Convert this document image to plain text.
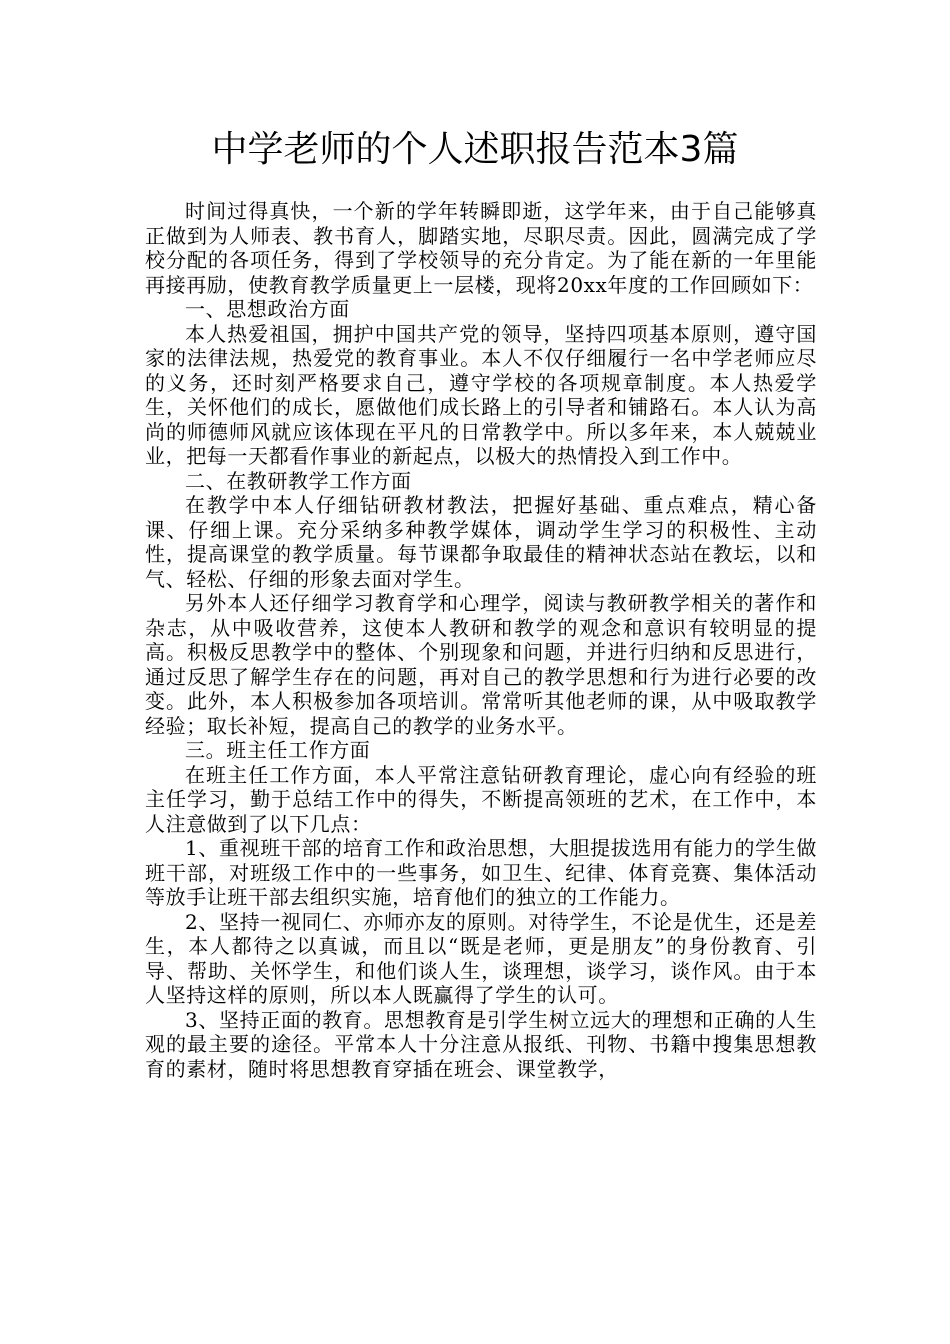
中学老师的个人述职报告范本3篇

时间过得真快，一个新的学年转瞬即逝，这学年来，由于自己能够真正做到为人师表、教书育人，脚踏实地，尽职尽责。因此，圆满完成了学校分配的各项任务，得到了学校领导的充分肯定。为了能在新的一年里能再接再励，使教育教学质量更上一层楼，现将20xx年度的工作回顾如下：

一、思想政治方面

本人热爱祖国，拥护中国共产党的领导，坚持四项基本原则，遵守国家的法律法规，热爱党的教育事业。本人不仅仔细履行一名中学老师应尽的义务，还时刻严格要求自己，遵守学校的各项规章制度。本人热爱学生，关怀他们的成长，愿做他们成长路上的引导者和铺路石。本人认为高尚的师德师风就应该体现在平凡的日常教学中。所以多年来，本人兢兢业业，把每一天都看作事业的新起点，以极大的热情投入到工作中。

二、在教研教学工作方面

在教学中本人仔细钻研教材教法，把握好基础、重点难点，精心备课、仔细上课。充分采纳多种教学媒体，调动学生学习的积极性、主动性，提高课堂的教学质量。每节课都争取最佳的精神状态站在教坛，以和气、轻松、仔细的形象去面对学生。

另外本人还仔细学习教育学和心理学，阅读与教研教学相关的著作和杂志，从中吸收营养，这使本人教研和教学的观念和意识有较明显的提高。积极反思教学中的整体、个别现象和问题，并进行归纳和反思进行，通过反思了解学生存在的问题，再对自己的教学思想和行为进行必要的改变。此外，本人积极参加各项培训。常常听其他老师的课，从中吸取教学经验；取长补短，提高自己的教学的业务水平。

三。班主任工作方面

在班主任工作方面，本人平常注意钻研教育理论，虚心向有经验的班主任学习，勤于总结工作中的得失，不断提高领班的艺术，在工作中，本人注意做到了以下几点：

1、重视班干部的培育工作和政治思想，大胆提拔选用有能力的学生做班干部，对班级工作中的一些事务，如卫生、纪律、体育竞赛、集体活动等放手让班干部去组织实施，培育他们的独立的工作能力。

2、坚持一视同仁、亦师亦友的原则。对待学生，不论是优生，还是差生，本人都待之以真诚，而且以“既是老师，更是朋友”的身份教育、引导、帮助、关怀学生，和他们谈人生，谈理想，谈学习，谈作风。由于本人坚持这样的原则，所以本人既赢得了学生的认可。

3、坚持正面的教育。思想教育是引学生树立远大的理想和正确的人生观的最主要的途径。平常本人十分注意从报纸、刊物、书籍中搜集思想教育的素材，随时将思想教育穿插在班会、课堂教学，
